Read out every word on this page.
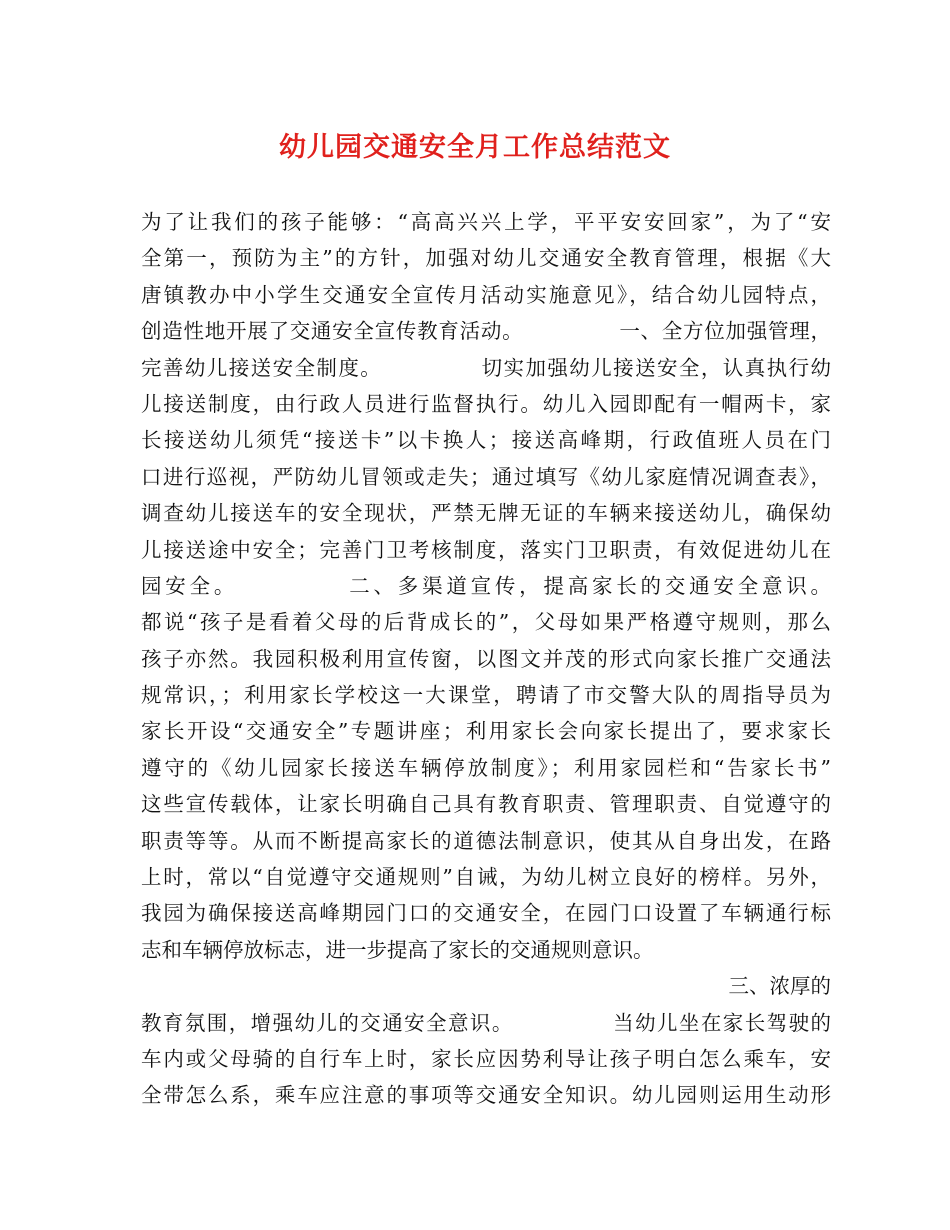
幼儿园交通安全月工作总结范文
为了让我们的孩子能够：“高高兴兴上学，平平安安回家”，为了“安
全第一，预防为主”的方针，加强对幼儿交通安全教育管理，根据《大
唐镇教办中小学生交通安全宣传月活动实施意见》，结合幼儿园特点，
创造性地开展了交通安全宣传教育活动。　　　　　一、全方位加强管理，
完善幼儿接送安全制度。　　　　　切实加强幼儿接送安全，认真执行幼
儿接送制度，由行政人员进行监督执行。幼儿入园即配有一帽两卡，家
长接送幼儿须凭“接送卡”以卡换人；接送高峰期，行政值班人员在门
口进行巡视，严防幼儿冒领或走失；通过填写《幼儿家庭情况调查表》，
调查幼儿接送车的安全现状，严禁无牌无证的车辆来接送幼儿，确保幼
儿接送途中安全；完善门卫考核制度，落实门卫职责，有效促进幼儿在
园安全。　　　　　二、多渠道宣传，提高家长的交通安全意识。
都说“孩子是看着父母的后背成长的”，父母如果严格遵守规则，那么
孩子亦然。我园积极利用宣传窗，以图文并茂的形式向家长推广交通法
规常识，；利用家长学校这一大课堂，聘请了市交警大队的周指导员为
家长开设“交通安全”专题讲座；利用家长会向家长提出了，要求家长
遵守的《幼儿园家长接送车辆停放制度》；利用家园栏和“告家长书”
这些宣传载体，让家长明确自己具有教育职责、管理职责、自觉遵守的
职责等等。从而不断提高家长的道德法制意识，使其从自身出发，在路
上时，常以“自觉遵守交通规则”自诫，为幼儿树立良好的榜样。另外，
我园为确保接送高峰期园门口的交通安全，在园门口设置了车辆通行标
志和车辆停放标志，进一步提高了家长的交通规则意识。
三、浓厚的
教育氛围，增强幼儿的交通安全意识。　　　　　当幼儿坐在家长驾驶的
车内或父母骑的自行车上时，家长应因势利导让孩子明白怎么乘车，安
全带怎么系，乘车应注意的事项等交通安全知识。幼儿园则运用生动形
